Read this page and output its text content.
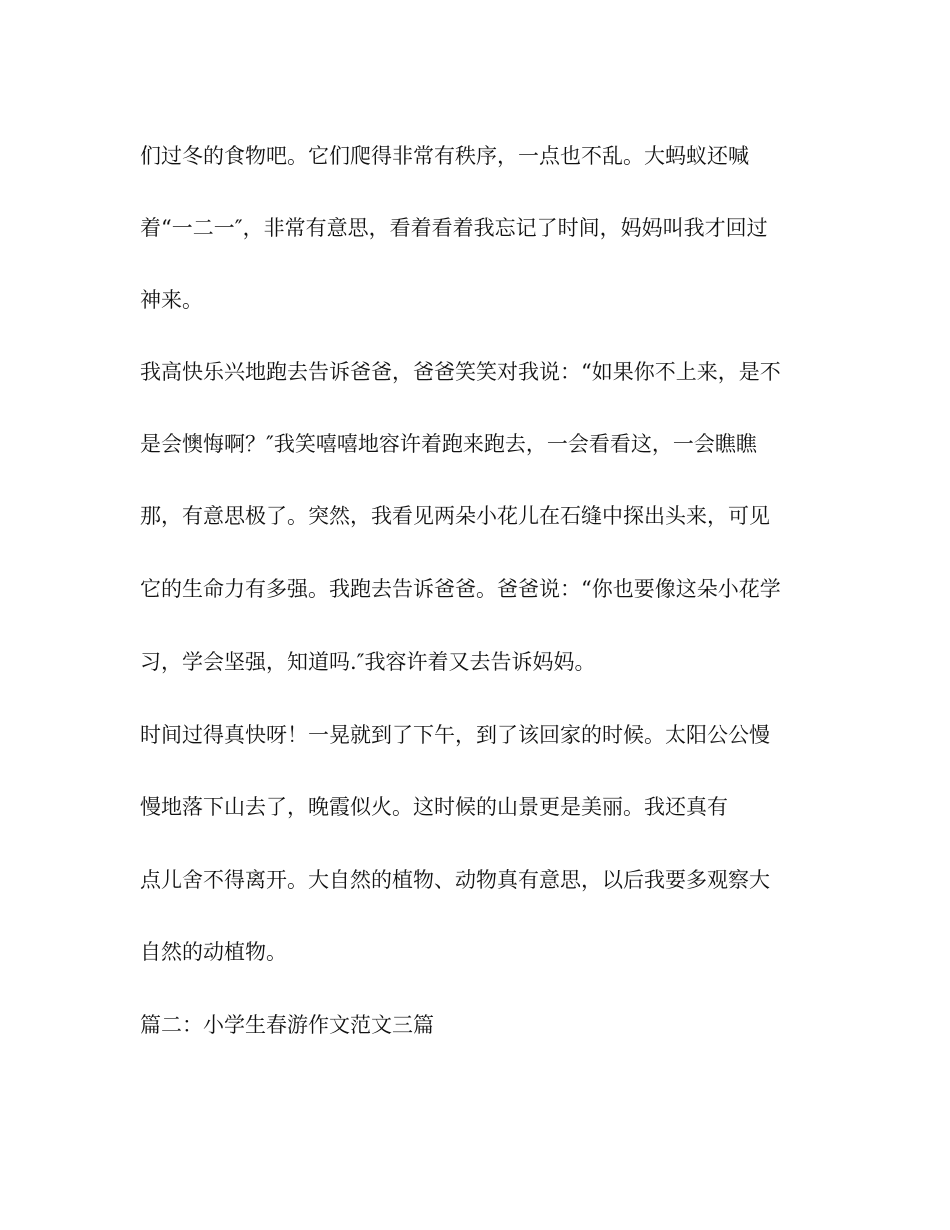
们过冬的食物吧。它们爬得非常有秩序，一点也不乱。大蚂蚁还喊

着“一二一″，非常有意思，看着看着我忘记了时间，妈妈叫我才回过

神来。

我高快乐兴地跑去告诉爸爸，爸爸笑笑对我说：“如果你不上来，是不

是会懊悔啊？″我笑嘻嘻地容许着跑来跑去，一会看看这，一会瞧瞧

那，有意思极了。突然，我看见两朵小花儿在石缝中探出头来，可见

它的生命力有多强。我跑去告诉爸爸。爸爸说：“你也要像这朵小花学

习，学会坚强，知道吗.″我容许着又去告诉妈妈。

时间过得真快呀！一晃就到了下午，到了该回家的时候。太阳公公慢

慢地落下山去了，晚霞似火。这时候的山景更是美丽。我还真有

点儿舍不得离开。大自然的植物、动物真有意思，以后我要多观察大

自然的动植物。

篇二：小学生春游作文范文三篇
